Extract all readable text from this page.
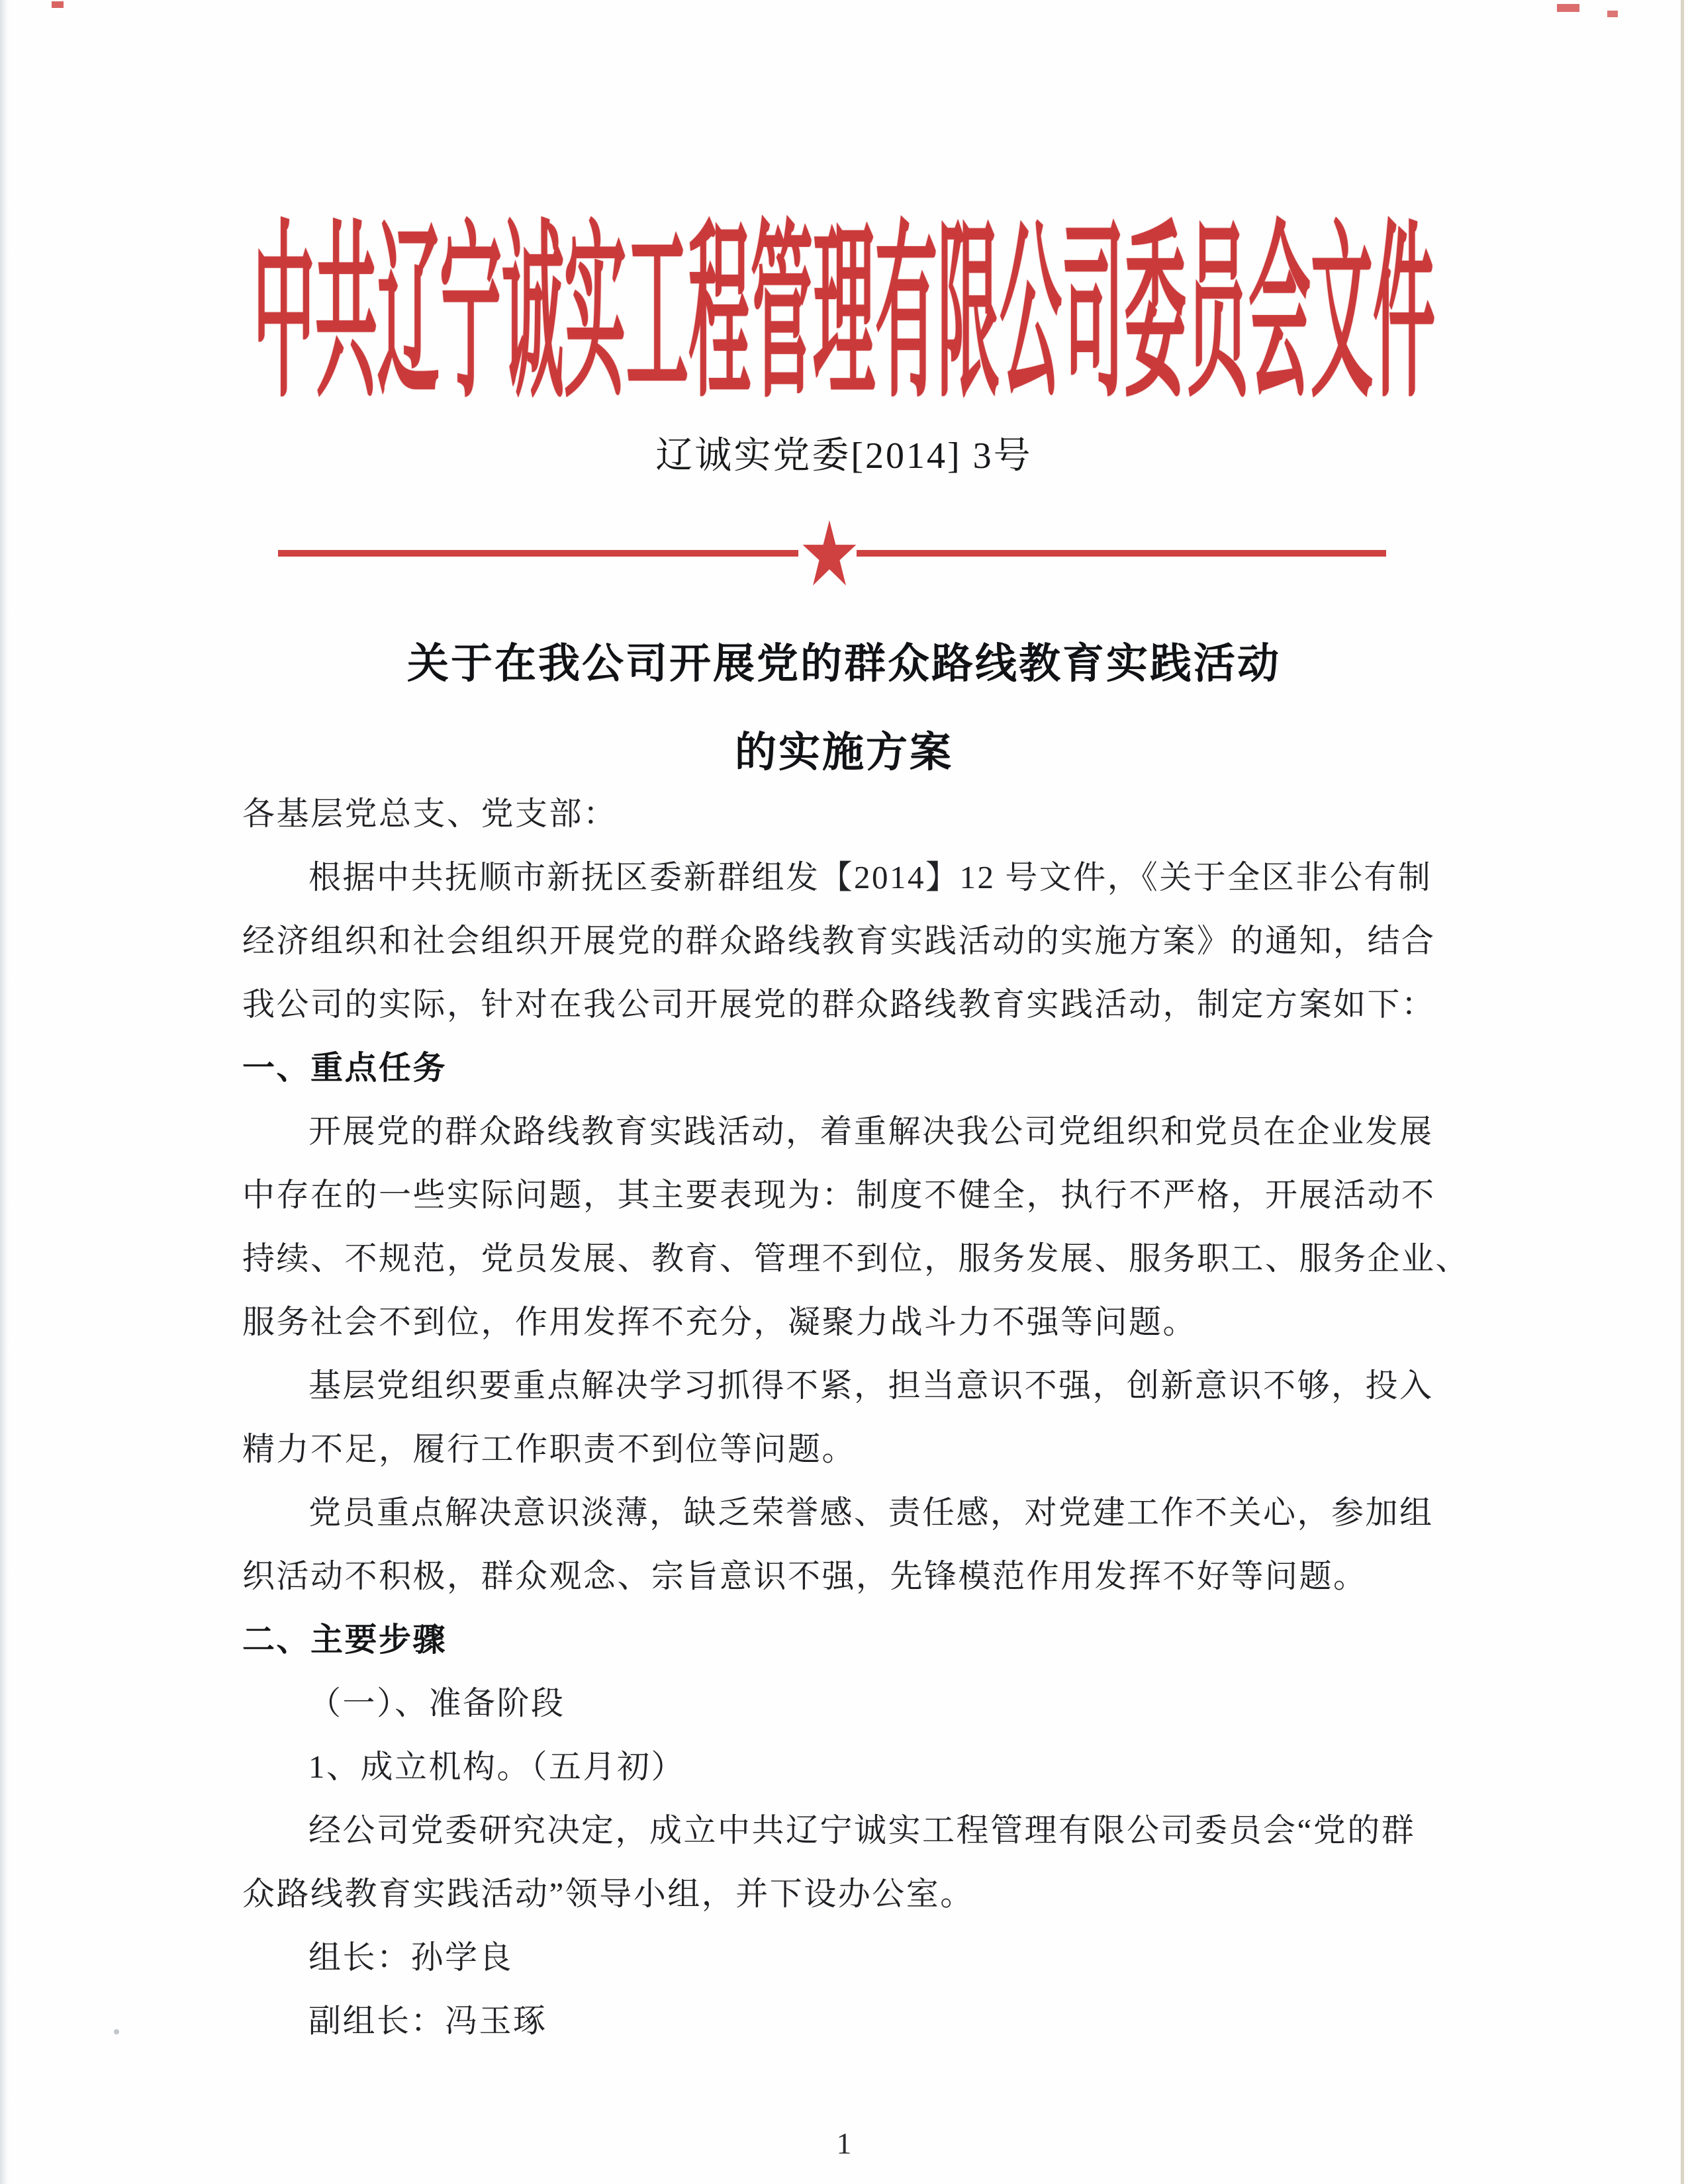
中共辽宁诚实工程管理有限公司委员会文件
辽诚实党委[2014] 3号
关于在我公司开展党的群众路线教育实践活动
的实施方案
各基层党总支、党支部：
根据中共抚顺市新抚区委新群组发【2014】12 号文件，《关于全区非公有制
经济组织和社会组织开展党的群众路线教育实践活动的实施方案》的通知，结合
我公司的实际，针对在我公司开展党的群众路线教育实践活动，制定方案如下：
一、重点任务
开展党的群众路线教育实践活动，着重解决我公司党组织和党员在企业发展
中存在的一些实际问题，其主要表现为：制度不健全，执行不严格，开展活动不
持续、不规范，党员发展、教育、管理不到位，服务发展、服务职工、服务企业、
服务社会不到位，作用发挥不充分，凝聚力战斗力不强等问题。
基层党组织要重点解决学习抓得不紧，担当意识不强，创新意识不够，投入
精力不足，履行工作职责不到位等问题。
党员重点解决意识淡薄，缺乏荣誉感、责任感，对党建工作不关心，参加组
织活动不积极，群众观念、宗旨意识不强，先锋模范作用发挥不好等问题。
二、主要步骤
（一）、准备阶段
1、成立机构。（五月初）
经公司党委研究决定，成立中共辽宁诚实工程管理有限公司委员会“党的群
众路线教育实践活动”领导小组，并下设办公室。
组长：孙学良
副组长：冯玉琢
1
